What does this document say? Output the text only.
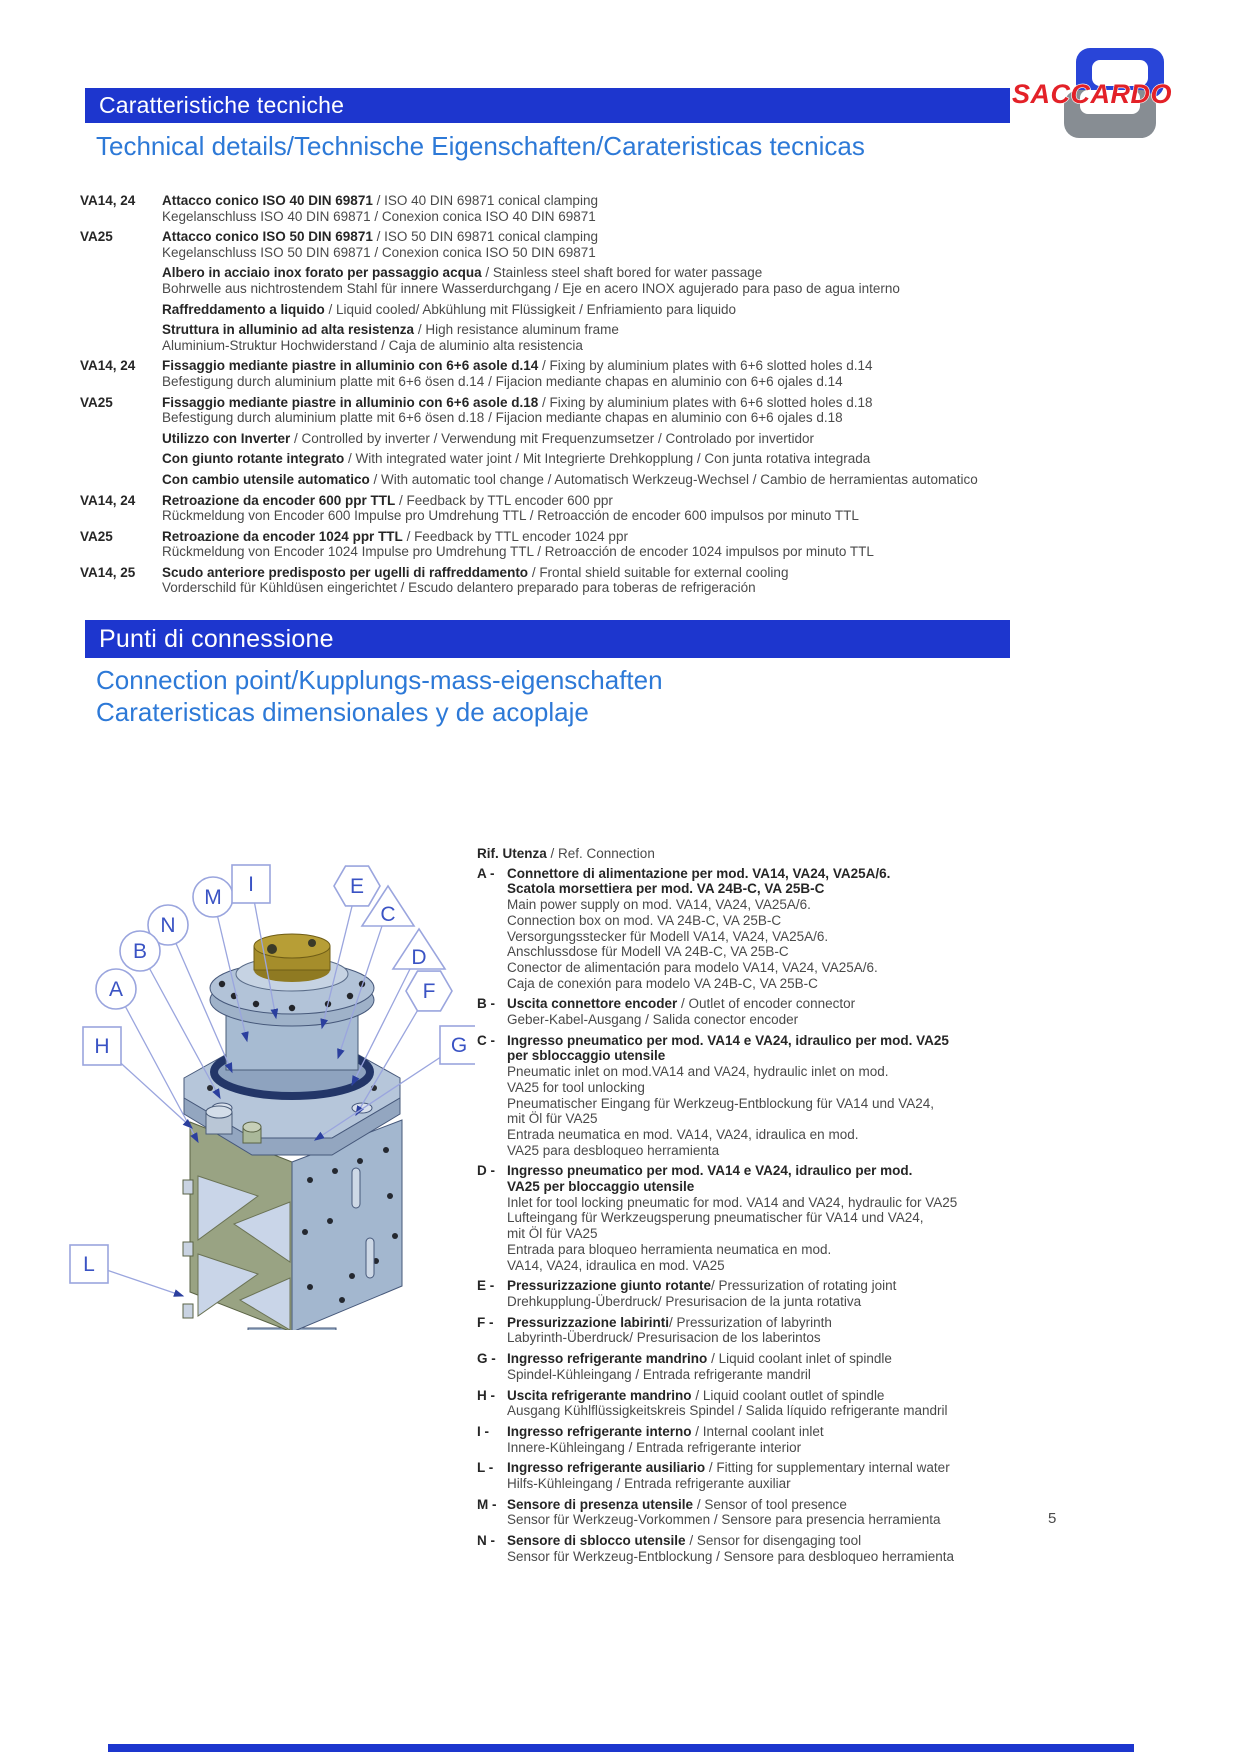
SACCARDO
Caratteristiche tecniche
Technical details/Technische Eigenschaften/Carateristicas tecnicas
VA14, 24	Attacco conico ISO 40 DIN 69871 / ISO 40 DIN 69871 conical clamping
Kegelanschluss ISO 40 DIN 69871 / Conexion conica ISO 40 DIN 69871
VA25	Attacco conico ISO 50 DIN 69871 / ISO 50 DIN 69871 conical clamping
Kegelanschluss ISO 50 DIN 69871 / Conexion conica ISO 50 DIN 69871
Albero in acciaio inox forato per passaggio acqua / Stainless steel shaft bored for water passage
Bohrwelle aus nichtrostendem Stahl für innere Wasserdurchgang / Eje en acero INOX agujerado para paso de agua interno
Raffreddamento a liquido / Liquid cooled/ Abkühlung mit Flüssigkeit / Enfriamiento para liquido
Struttura in alluminio ad alta resistenza / High resistance aluminum frame
Aluminium-Struktur Hochwiderstand / Caja de aluminio alta resistencia
VA14, 24	Fissaggio mediante piastre in alluminio con 6+6 asole d.14 / Fixing by aluminium plates with 6+6 slotted holes d.14
Befestigung durch aluminium platte mit 6+6 ösen d.14 / Fijacion mediante chapas en aluminio con 6+6 ojales d.14
VA25	Fissaggio mediante piastre in alluminio con 6+6 asole d.18 / Fixing by aluminium plates with 6+6 slotted holes d.18
Befestigung durch aluminium platte mit 6+6 ösen d.18 / Fijacion mediante chapas en aluminio con 6+6 ojales d.18
Utilizzo con Inverter / Controlled by inverter / Verwendung mit Frequenzumsetzer / Controlado por invertidor
Con giunto rotante integrato / With integrated water joint / Mit Integrierte Drehkopplung / Con junta rotativa integrada
Con cambio utensile automatico / With automatic tool change / Automatisch Werkzeug-Wechsel / Cambio de herramientas automatico
VA14, 24	Retroazione da encoder 600 ppr TTL / Feedback by TTL encoder 600 ppr
Rückmeldung von Encoder 600 Impulse pro Umdrehung TTL / Retroacción de encoder 600 impulsos por minuto TTL
VA25	Retroazione da encoder 1024 ppr TTL / Feedback by TTL encoder 1024 ppr
Rückmeldung von Encoder 1024 Impulse pro Umdrehung TTL / Retroacción de encoder 1024 impulsos por minuto TTL
VA14, 25	Scudo anteriore predisposto per ugelli di raffreddamento / Frontal shield suitable for external cooling
Vorderschild für Kühldüsen eingerichtet / Escudo delantero preparado para toberas de refrigeración
Punti di connessione
Connection point/Kupplungs-mass-eigenschaften
Carateristicas dimensionales y de acoplaje
M
I	E
C
N
B	D
A	F
H	G
L
Rif. Utenza / Ref. Connection
A - Connettore di alimentazione per mod. VA14, VA24, VA25A/6.
Scatola morsettiera per mod. VA 24B-C, VA 25B-C
Main power supply on mod. VA14, VA24, VA25A/6.
Connection box on mod. VA 24B-C, VA 25B-C
Versorgungsstecker für Modell VA14, VA24, VA25A/6.
Anschlussdose für Modell VA 24B-C, VA 25B-C
Conector de alimentación para modelo VA14, VA24, VA25A/6.
Caja de conexión para modelo VA 24B-C, VA 25B-C
B - Uscita connettore encoder / Outlet of encoder connector
Geber-Kabel-Ausgang / Salida conector encoder
C - Ingresso pneumatico per mod. VA14 e VA24, idraulico per mod. VA25
per sbloccaggio utensile
Pneumatic inlet on mod.VA14 and VA24, hydraulic inlet on mod.
VA25 for tool unlocking
Pneumatischer Eingang für Werkzeug-Entblockung für VA14 und VA24,
mit Öl für VA25
Entrada neumatica en mod. VA14, VA24, idraulica en mod.
VA25 para desbloqueo herramienta
D - Ingresso pneumatico per mod. VA14 e VA24, idraulico per mod.
VA25 per bloccaggio utensile
Inlet for tool locking pneumatic for mod. VA14 and VA24, hydraulic for VA25
Lufteingang für Werkzeugsperung pneumatischer für VA14 und VA24,
mit Öl für VA25
Entrada para bloqueo herramienta neumatica en mod.
VA14, VA24, idraulica en mod. VA25
E - Pressurizzazione giunto rotante/ Pressurization of rotating joint
Drehkupplung-Überdruck/ Presurisacion de la junta rotativa
F -	Pressurizzazione labirinti/ Pressurization of labyrinth
Labyrinth-Überdruck/ Presurisacion de los laberintos
G - Ingresso refrigerante mandrino / Liquid coolant inlet of spindle
Spindel-Kühleingang / Entrada refrigerante mandril
H - Uscita refrigerante mandrino / Liquid coolant outlet of spindle
Ausgang Kühlflüssigkeitskreis Spindel / Salida líquido refrigerante mandril
I -	Ingresso refrigerante interno / Internal coolant inlet
Innere-Kühleingang / Entrada refrigerante interior
L -	Ingresso refrigerante ausiliario / Fitting for supplementary internal water
Hilfs-Kühleingang / Entrada refrigerante auxiliar
M - Sensore di presenza utensile / Sensor of tool presence
Sensor für Werkzeug-Vorkommen / Sensore para presencia herramienta
N - Sensore di sblocco utensile / Sensor for disengaging tool
Sensor für Werkzeug-Entblockung / Sensore para desbloqueo herramienta
5
